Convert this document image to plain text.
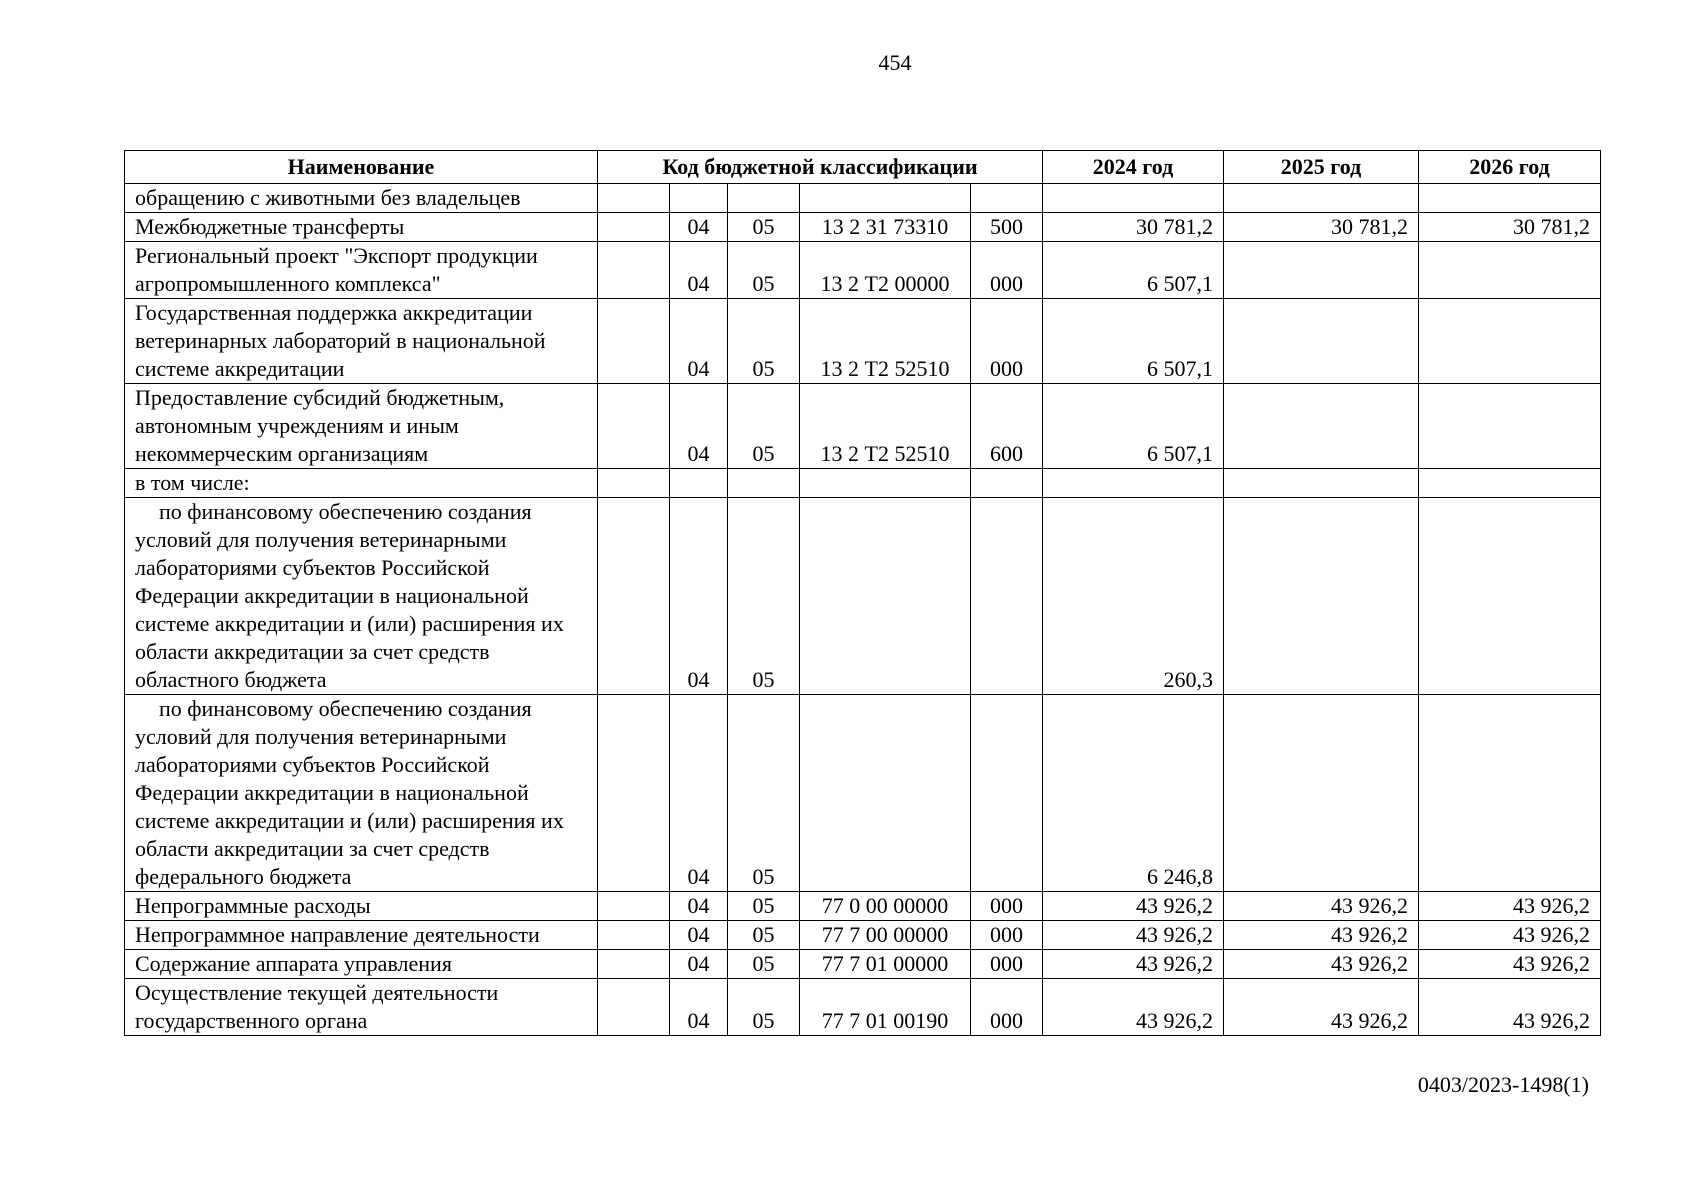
454
Наименование	Код бюджетной классификации					2024 год	2025 год	2026 год
обращению с животными без владельцев								
Межбюджетные трансферты		04	05	13 2 31 73310	500	30 781,2	30 781,2	30 781,2
Региональный проект "Экспорт продукции агропромышленного комплекса"		04	05	13 2 Т2 00000	000	6 507,1		
Государственная поддержка аккредитации ветеринарных лабораторий в национальной системе аккредитации		04	05	13 2 Т2 52510	000	6 507,1		
Предоставление субсидий бюджетным, автономным учреждениям и иным некоммерческим организациям		04	05	13 2 Т2 52510	600	6 507,1		
в том числе:								
по финансовому обеспечению создания условий для получения ветеринарными лабораториями субъектов Российской Федерации аккредитации в национальной системе аккредитации и (или) расширения их области аккредитации за счет средств областного бюджета		04	05			260,3		
по финансовому обеспечению создания условий для получения ветеринарными лабораториями субъектов Российской Федерации аккредитации в национальной системе аккредитации и (или) расширения их области аккредитации за счет средств федерального бюджета		04	05			6 246,8		
Непрограммные расходы		04	05	77 0 00 00000	000	43 926,2	43 926,2	43 926,2
Непрограммное направление деятельности		04	05	77 7 00 00000	000	43 926,2	43 926,2	43 926,2
Содержание аппарата управления		04	05	77 7 01 00000	000	43 926,2	43 926,2	43 926,2
Осуществление текущей деятельности государственного органа		04	05	77 7 01 00190	000	43 926,2	43 926,2	43 926,2
0403/2023-1498(1)
